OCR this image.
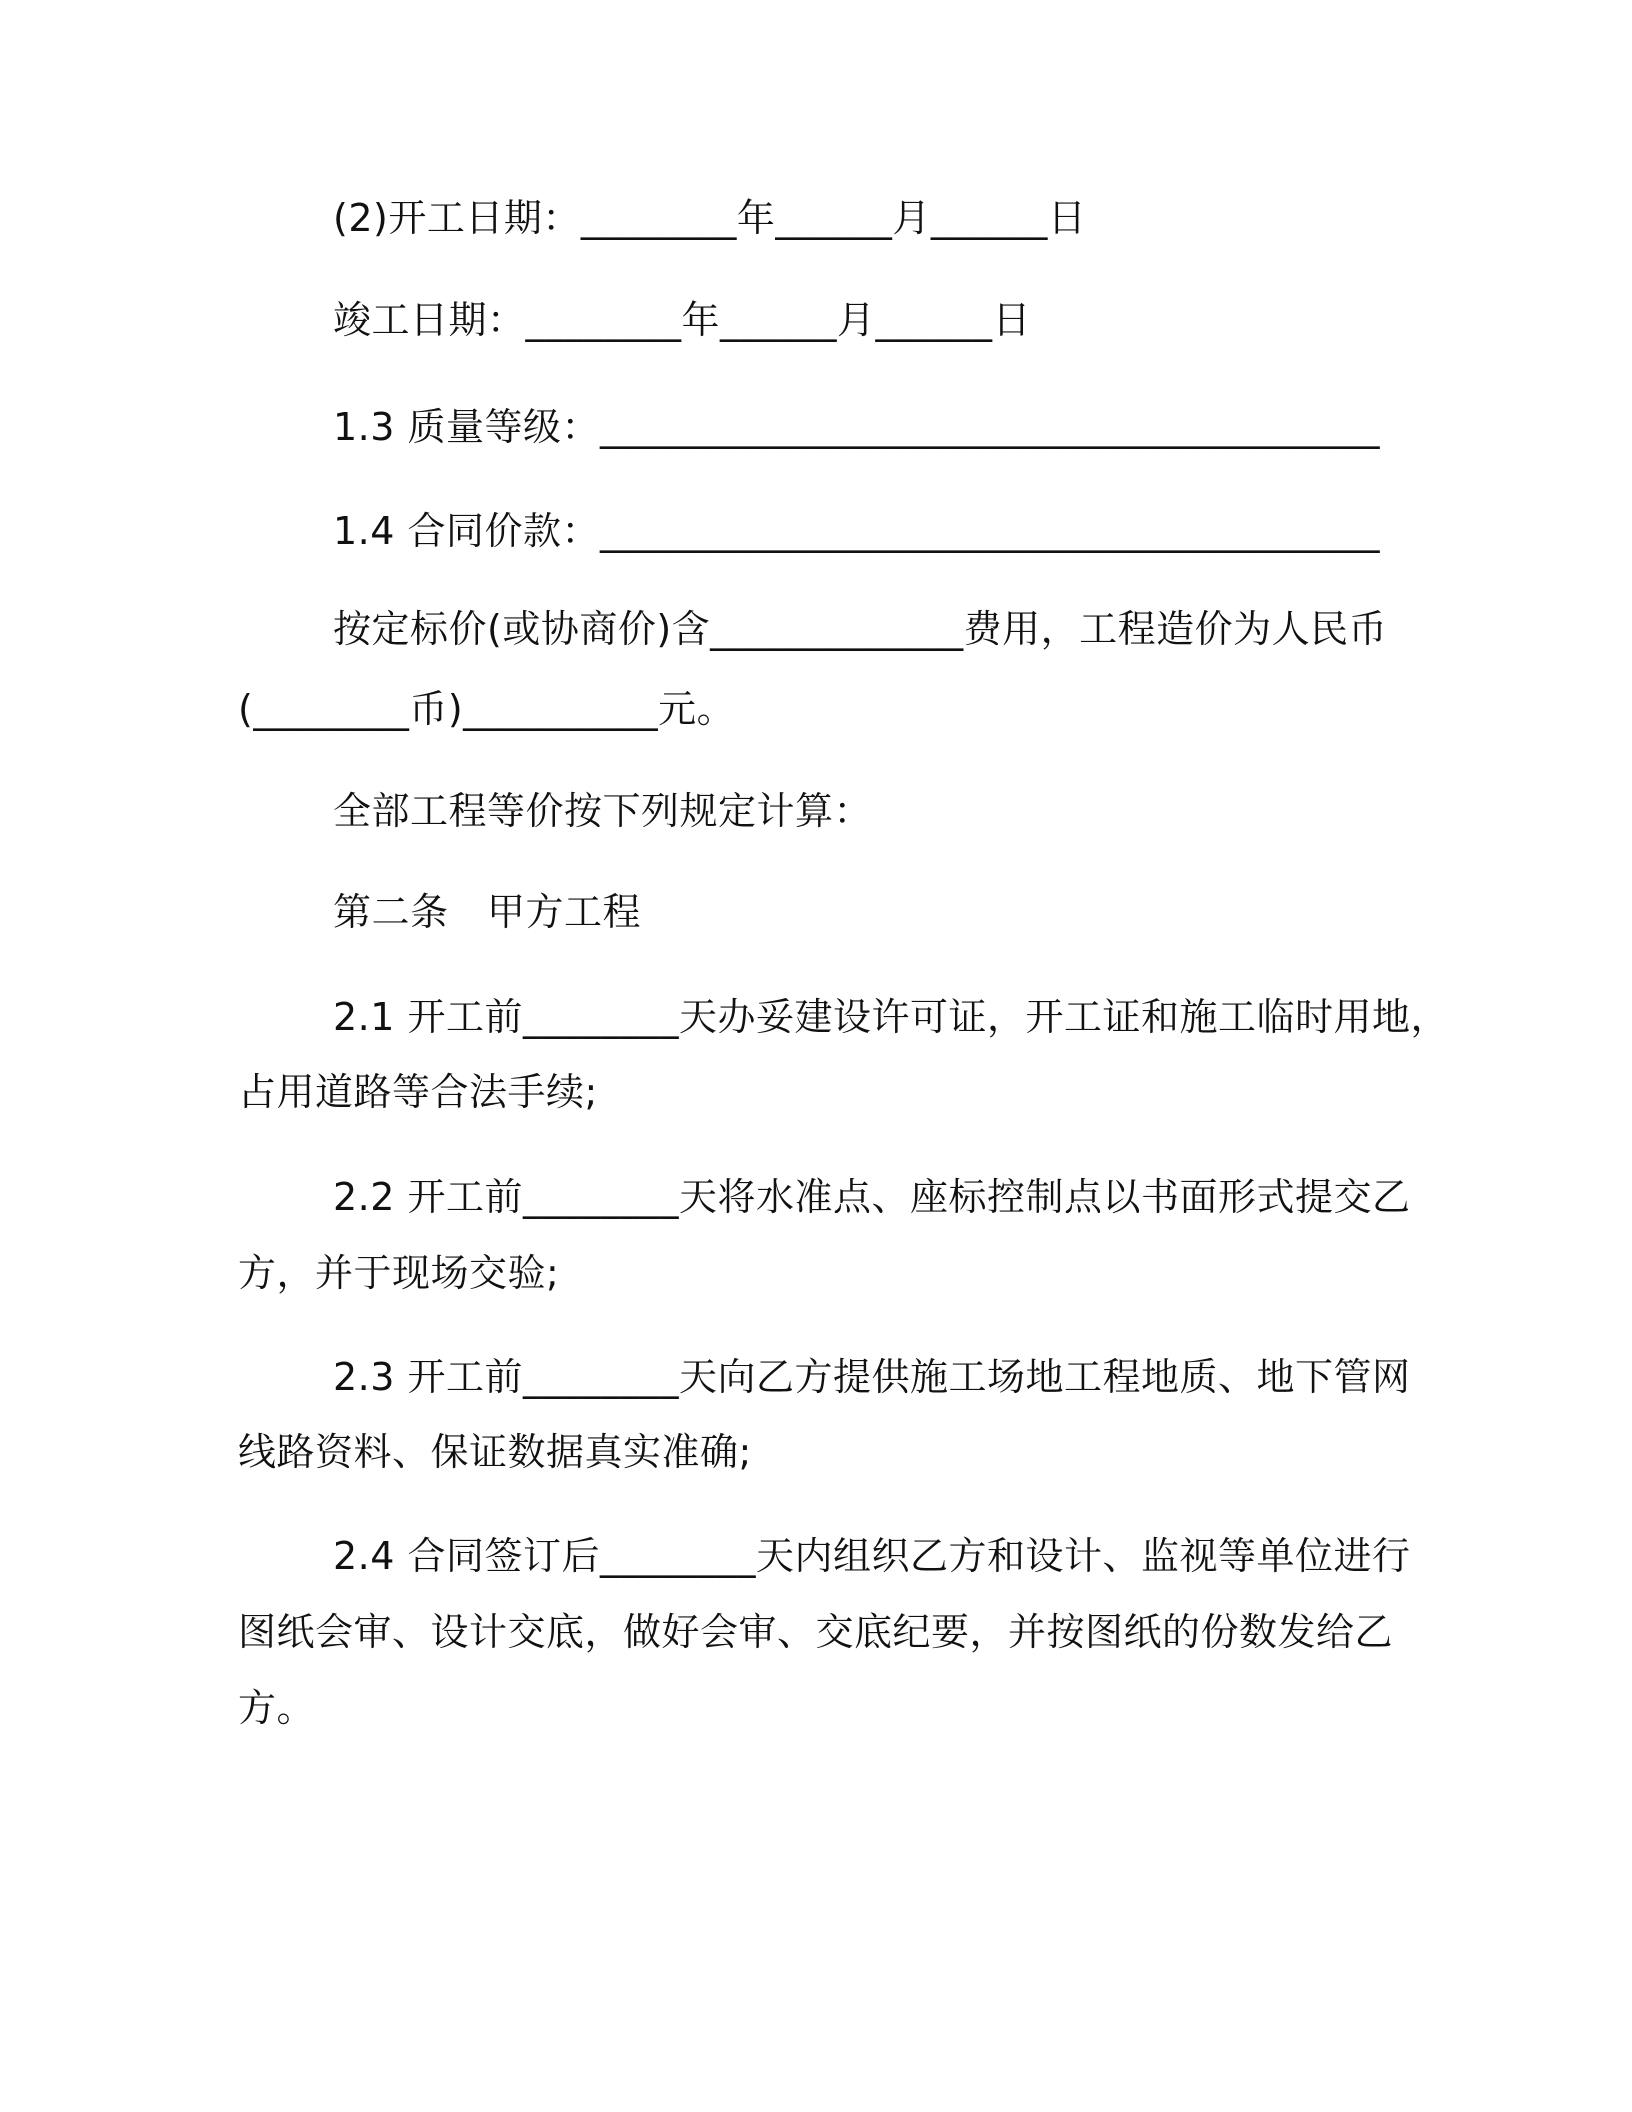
(2)开工日期：________年______月______日
竣工日期：________年______月______日
1.3 质量等级：________________________________________
1.4 合同价款：________________________________________
按定标价(或协商价)含_____________费用，工程造价为人民币
(________币)__________元。
全部工程等价按下列规定计算：
第二条　甲方工程
2.1 开工前________天办妥建设许可证，开工证和施工临时用地，
占用道路等合法手续;
2.2 开工前________天将水准点、座标控制点以书面形式提交乙
方，并于现场交验;
2.3 开工前________天向乙方提供施工场地工程地质、地下管网
线路资料、保证数据真实准确;
2.4 合同签订后________天内组织乙方和设计、监视等单位进行
图纸会审、设计交底，做好会审、交底纪要，并按图纸的份数发给乙
方。
